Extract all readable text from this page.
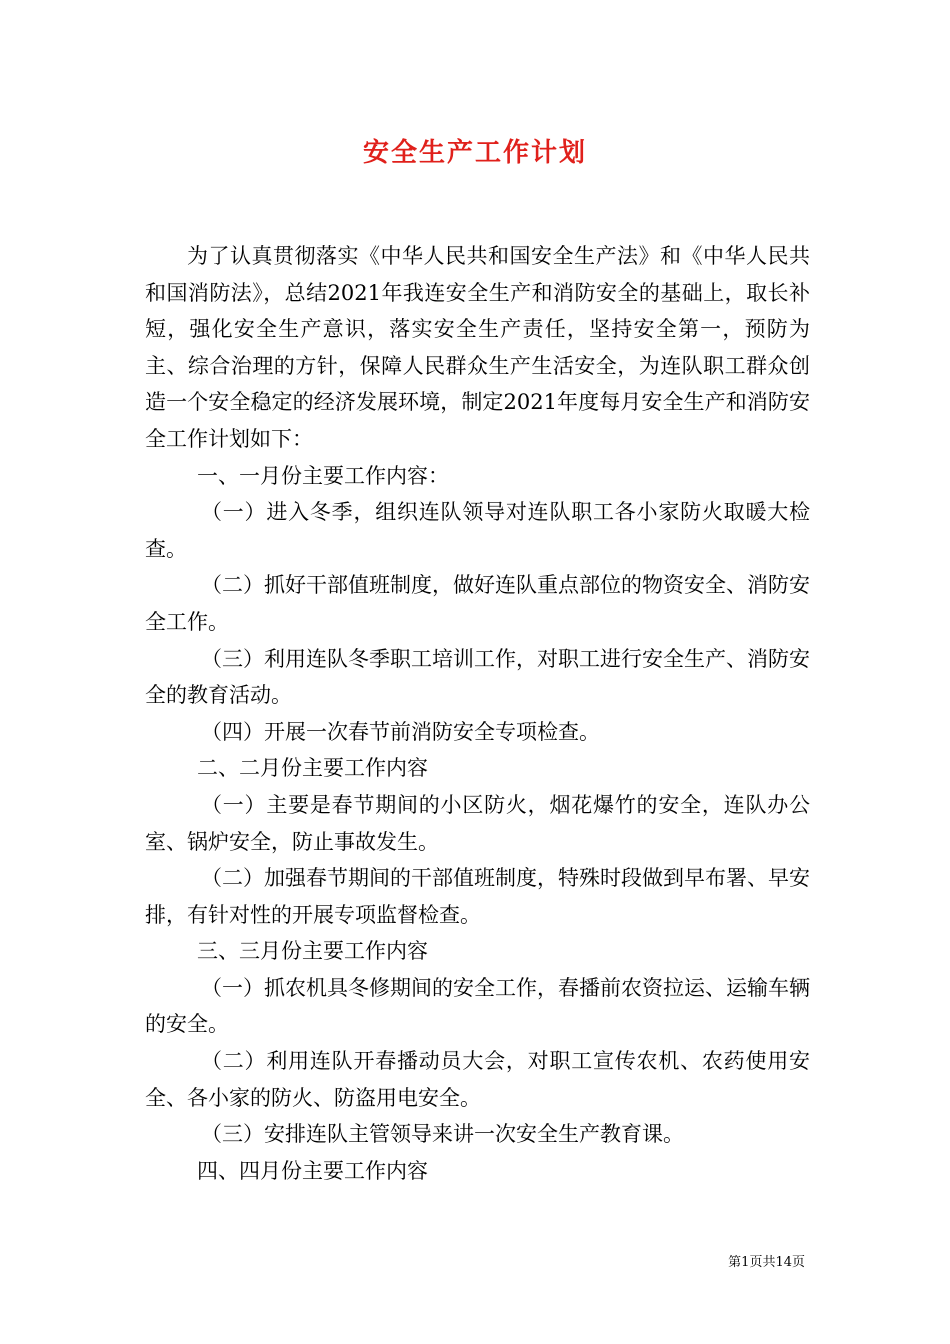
安全生产工作计划

为了认真贯彻落实《中华人民共和国安全生产法》和《中华人民共和国消防法》，总结2021年我连安全生产和消防安全的基础上，取长补短，强化安全生产意识，落实安全生产责任，坚持安全第一，预防为主、综合治理的方针，保障人民群众生产生活安全，为连队职工群众创造一个安全稳定的经济发展环境，制定2021年度每月安全生产和消防安全工作计划如下：

一、一月份主要工作内容：

（一）进入冬季，组织连队领导对连队职工各小家防火取暖大检查。

（二）抓好干部值班制度，做好连队重点部位的物资安全、消防安全工作。

（三）利用连队冬季职工培训工作，对职工进行安全生产、消防安全的教育活动。

（四）开展一次春节前消防安全专项检查。

二、二月份主要工作内容

（一）主要是春节期间的小区防火，烟花爆竹的安全，连队办公室、锅炉安全，防止事故发生。

（二）加强春节期间的干部值班制度，特殊时段做到早布署、早安排，有针对性的开展专项监督检查。

三、三月份主要工作内容

（一）抓农机具冬修期间的安全工作，春播前农资拉运、运输车辆的安全。

（二）利用连队开春播动员大会，对职工宣传农机、农药使用安全、各小家的防火、防盗用电安全。

（三）安排连队主管领导来讲一次安全生产教育课。

四、四月份主要工作内容

第1页共14页
